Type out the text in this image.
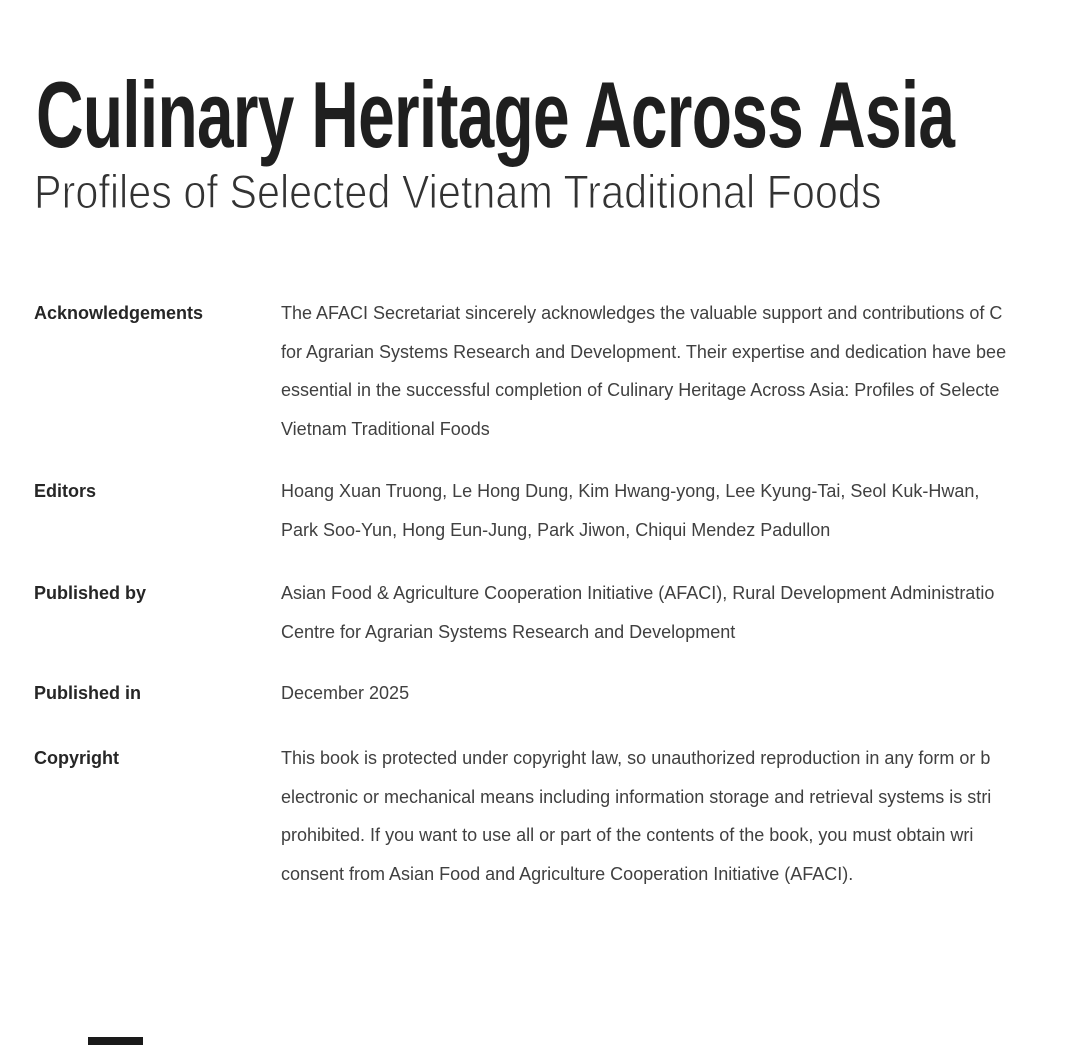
Culinary Heritage Across Asia
Profiles of Selected Vietnam Traditional Foods
Acknowledgements	The AFACI Secretariat sincerely acknowledges the valuable support and contributions of C
for Agrarian Systems Research and Development. Their expertise and dedication have bee
essential in the successful completion of Culinary Heritage Across Asia: Profiles of Selecte
Vietnam Traditional Foods
Editors	Hoang Xuan Truong, Le Hong Dung, Kim Hwang-yong, Lee Kyung-Tai, Seol Kuk-Hwan,
Park Soo-Yun, Hong Eun-Jung, Park Jiwon, Chiqui Mendez Padullon
Published by	Asian Food & Agriculture Cooperation Initiative (AFACI), Rural Development Administratio
Centre for Agrarian Systems Research and Development
Published in	December 2025
Copyright	This book is protected under copyright law, so unauthorized reproduction in any form or b
electronic or mechanical means including information storage and retrieval systems is stri
prohibited. If you want to use all or part of the contents of the book, you must obtain wri
consent from Asian Food and Agriculture Cooperation Initiative (AFACI).
